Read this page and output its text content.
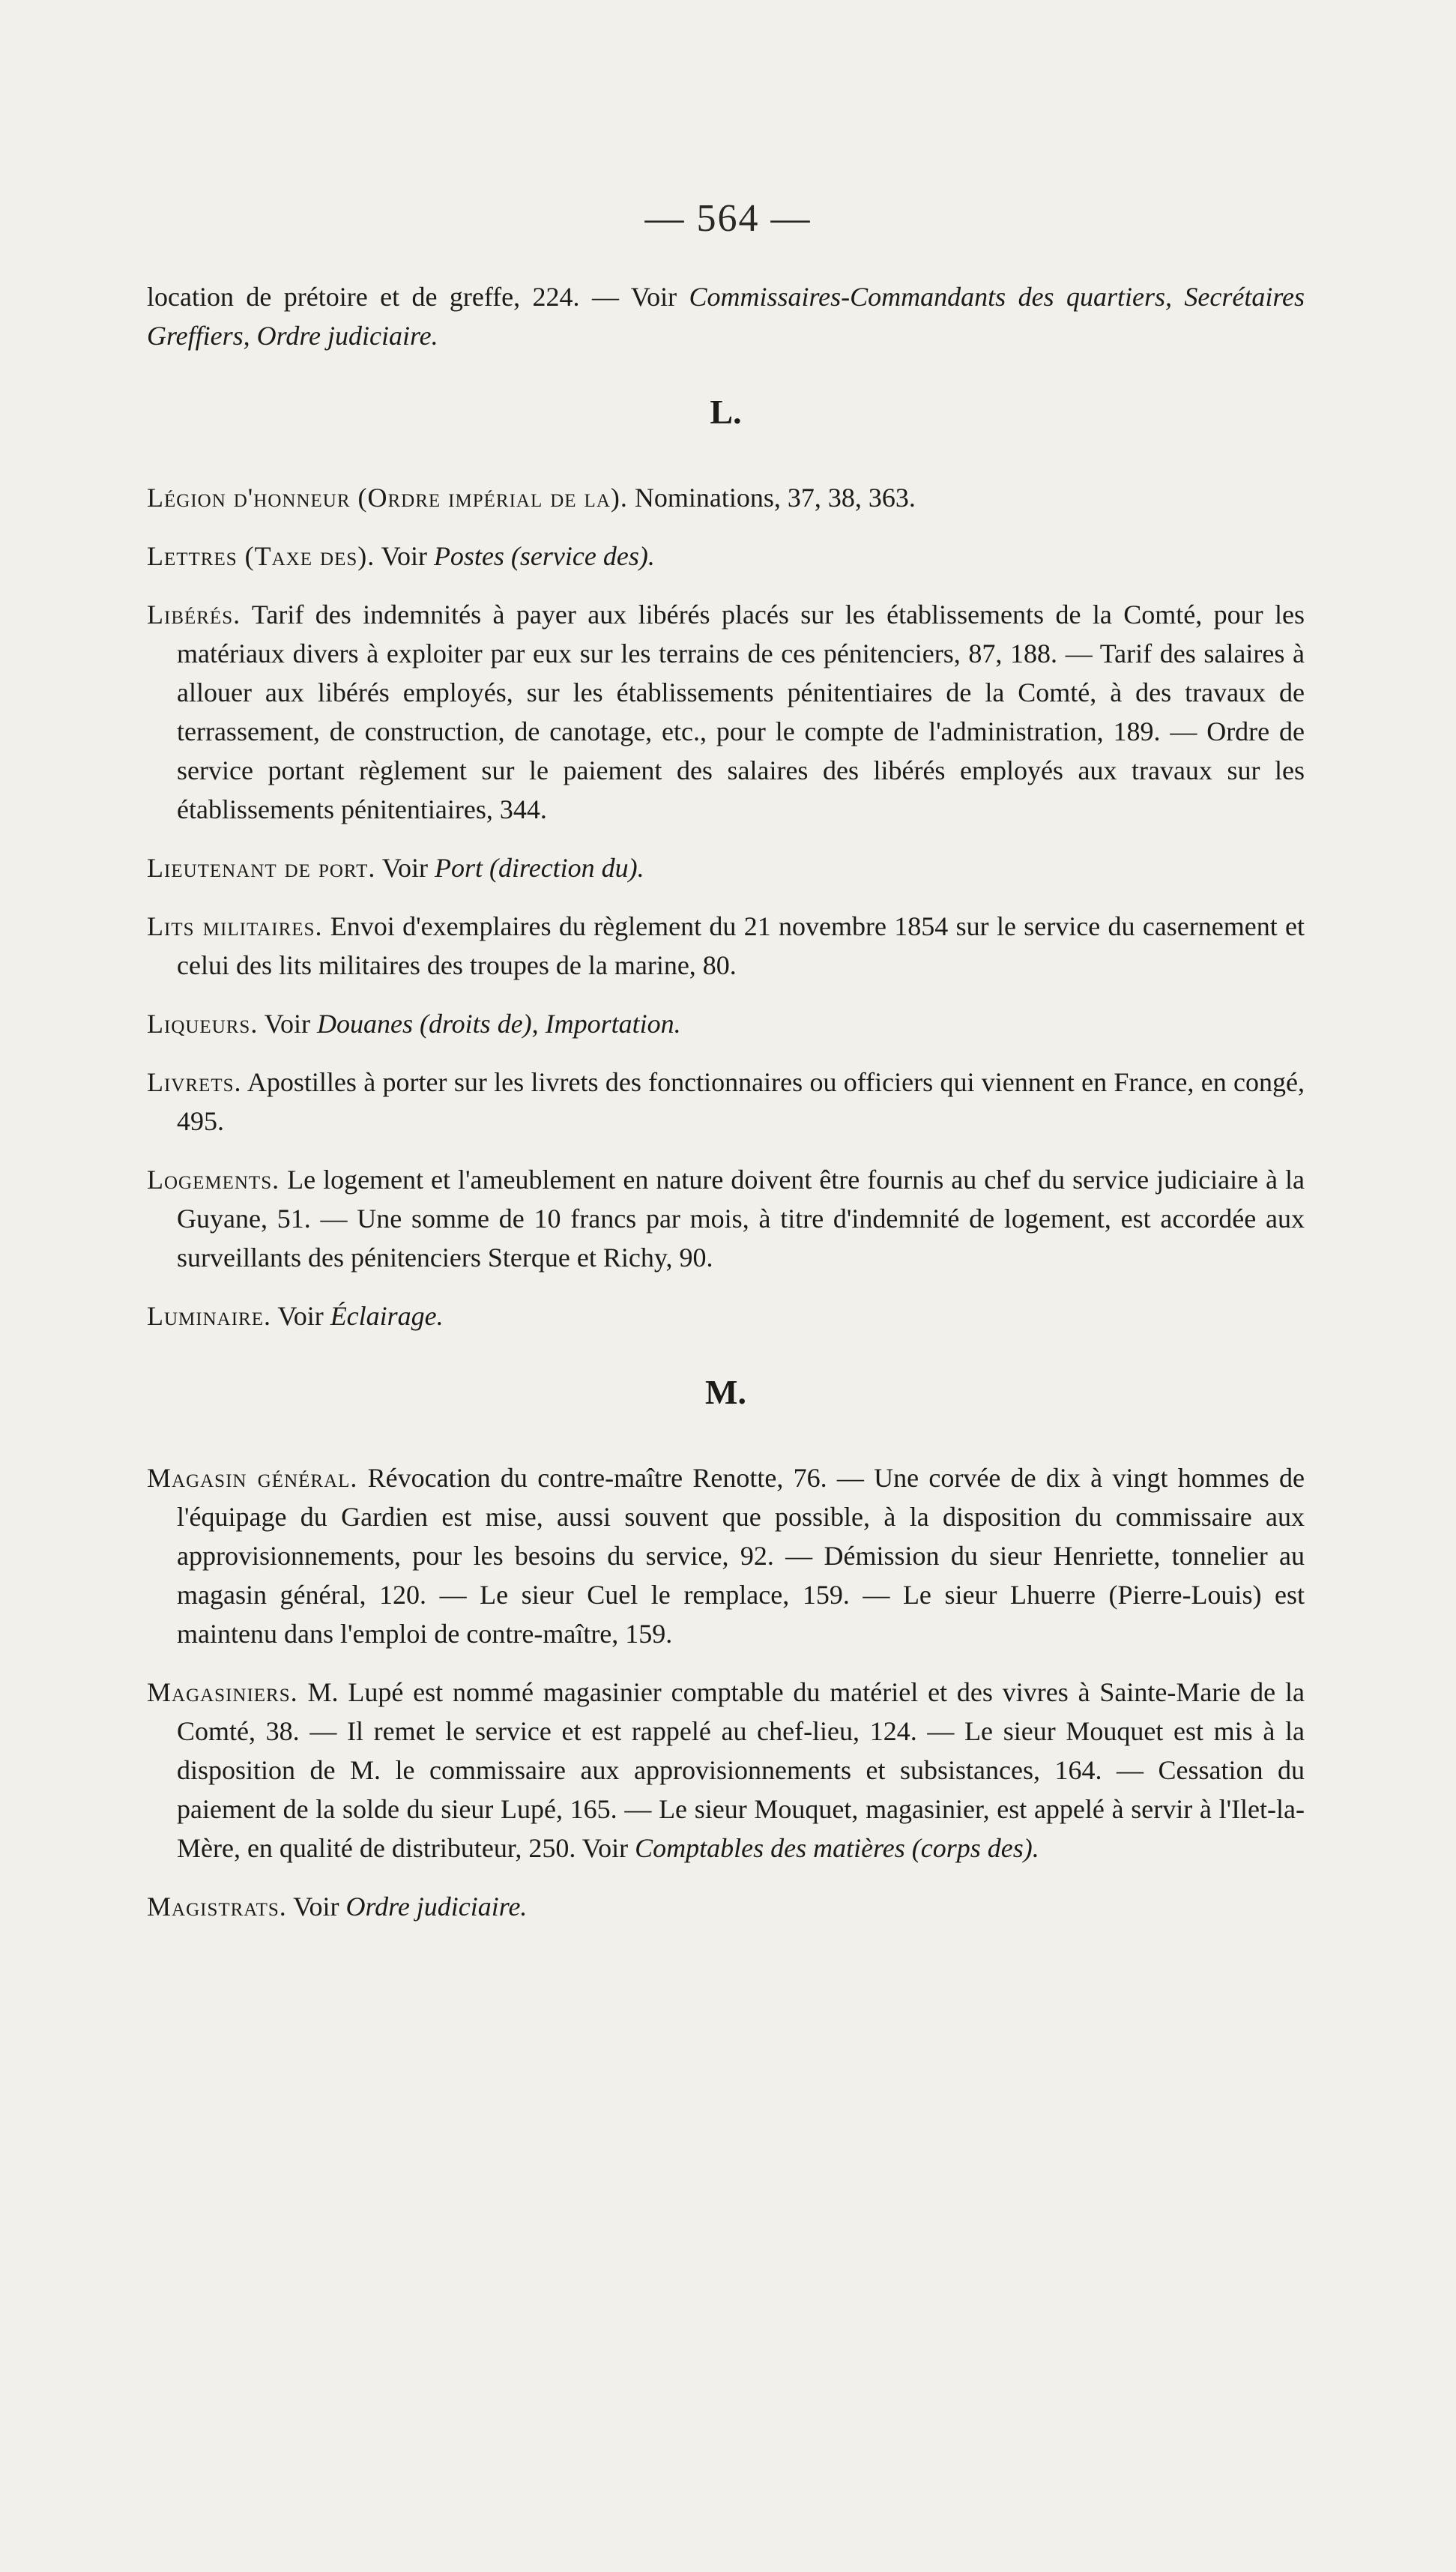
— 564 —

location de prétoire et de greffe, 224. — Voir Commissaires-Commandants des quartiers, Secrétaires Greffiers, Ordre judiciaire.

L.

Légion d'honneur (Ordre impérial de la). Nominations, 37, 38, 363.

Lettres (Taxe des). Voir Postes (service des).

Libérés. Tarif des indemnités à payer aux libérés placés sur les établissements de la Comté, pour les matériaux divers à exploiter par eux sur les terrains de ces pénitenciers, 87, 188. — Tarif des salaires à allouer aux libérés employés, sur les établissements pénitentiaires de la Comté, à des travaux de terrassement, de construction, de canotage, etc., pour le compte de l'administration, 189. — Ordre de service portant règlement sur le paiement des salaires des libérés employés aux travaux sur les établissements pénitentiaires, 344.

Lieutenant de port. Voir Port (direction du).

Lits militaires. Envoi d'exemplaires du règlement du 21 novembre 1854 sur le service du casernement et celui des lits militaires des troupes de la marine, 80.

Liqueurs. Voir Douanes (droits de), Importation.

Livrets. Apostilles à porter sur les livrets des fonctionnaires ou officiers qui viennent en France, en congé, 495.

Logements. Le logement et l'ameublement en nature doivent être fournis au chef du service judiciaire à la Guyane, 51. — Une somme de 10 francs par mois, à titre d'indemnité de logement, est accordée aux surveillants des pénitenciers Sterque et Richy, 90.

Luminaire. Voir Éclairage.

M.

Magasin général. Révocation du contre-maître Renotte, 76. — Une corvée de dix à vingt hommes de l'équipage du Gardien est mise, aussi souvent que possible, à la disposition du commissaire aux approvisionnements, pour les besoins du service, 92. — Démission du sieur Henriette, tonnelier au magasin général, 120. — Le sieur Cuel le remplace, 159. — Le sieur Lhuerre (Pierre-Louis) est maintenu dans l'emploi de contre-maître, 159.

Magasiniers. M. Lupé est nommé magasinier comptable du matériel et des vivres à Sainte-Marie de la Comté, 38. — Il remet le service et est rappelé au chef-lieu, 124. — Le sieur Mouquet est mis à la disposition de M. le commissaire aux approvisionnements et subsistances, 164. — Cessation du paiement de la solde du sieur Lupé, 165. — Le sieur Mouquet, magasinier, est appelé à servir à l'Ilet-la-Mère, en qualité de distributeur, 250. Voir Comptables des matières (corps des).

Magistrats. Voir Ordre judiciaire.
